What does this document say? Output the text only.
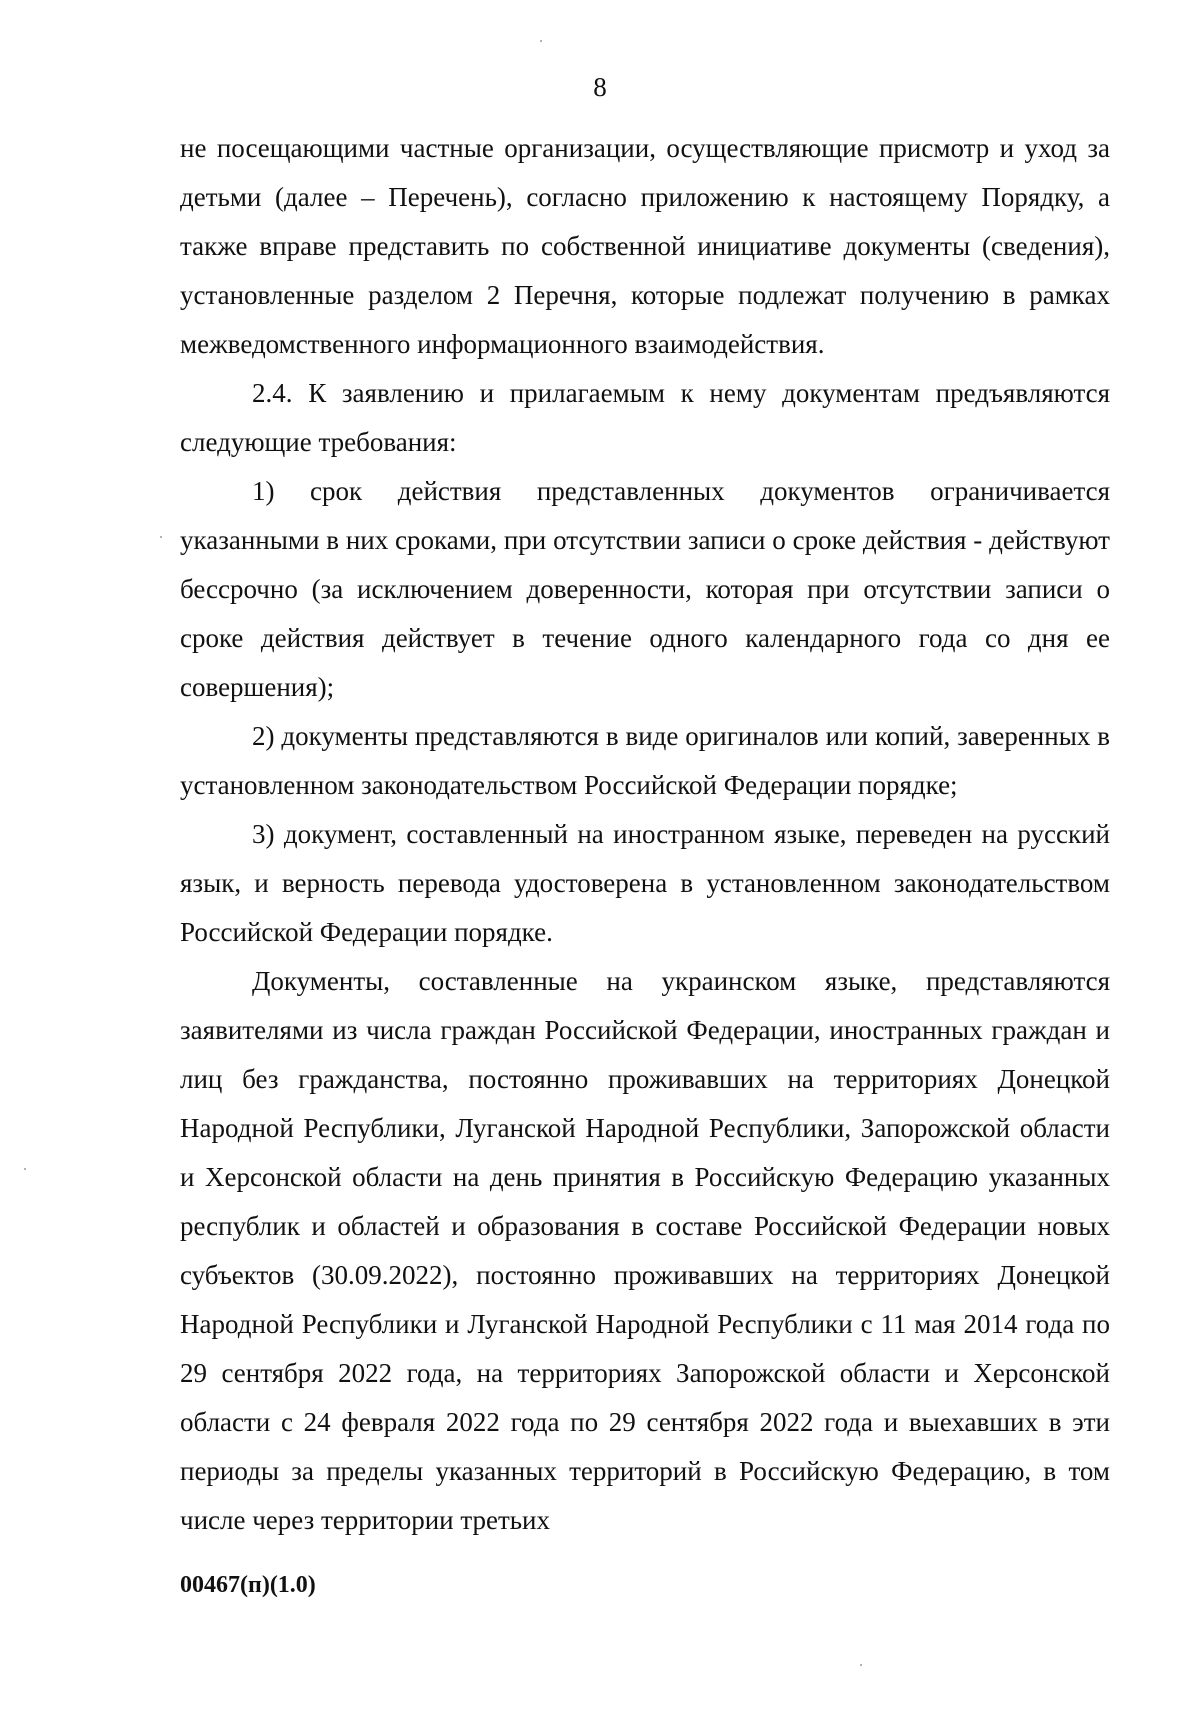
8

не посещающими частные организации, осуществляющие присмотр и уход за детьми (далее – Перечень), согласно приложению к настоящему Порядку, а также вправе представить по собственной инициативе документы (сведения), установленные разделом 2 Перечня, которые подлежат получению в рамках межведомственного информационного взаимодействия.

2.4. К заявлению и прилагаемым к нему документам предъявляются следующие требования:

1) срок действия представленных документов ограничивается указанными в них сроками, при отсутствии записи о сроке действия - действуют бессрочно (за исключением доверенности, которая при отсутствии записи о сроке действия действует в течение одного календарного года со дня ее совершения);

2) документы представляются в виде оригиналов или копий, заверенных в установленном законодательством Российской Федерации порядке;

3) документ, составленный на иностранном языке, переведен на русский язык, и верность перевода удостоверена в установленном законодательством Российской Федерации порядке.

Документы, составленные на украинском языке, представляются заявителями из числа граждан Российской Федерации, иностранных граждан и лиц без гражданства, постоянно проживавших на территориях Донецкой Народной Республики, Луганской Народной Республики, Запорожской области и Херсонской области на день принятия в Российскую Федерацию указанных республик и областей и образования в составе Российской Федерации новых субъектов (30.09.2022), постоянно проживавших на территориях Донецкой Народной Республики и Луганской Народной Республики с 11 мая 2014 года по 29 сентября 2022 года, на территориях Запорожской области и Херсонской области с 24 февраля 2022 года по 29 сентября 2022 года и выехавших в эти периоды за пределы указанных территорий в Российскую Федерацию, в том числе через территории третьих

00467(п)(1.0)
